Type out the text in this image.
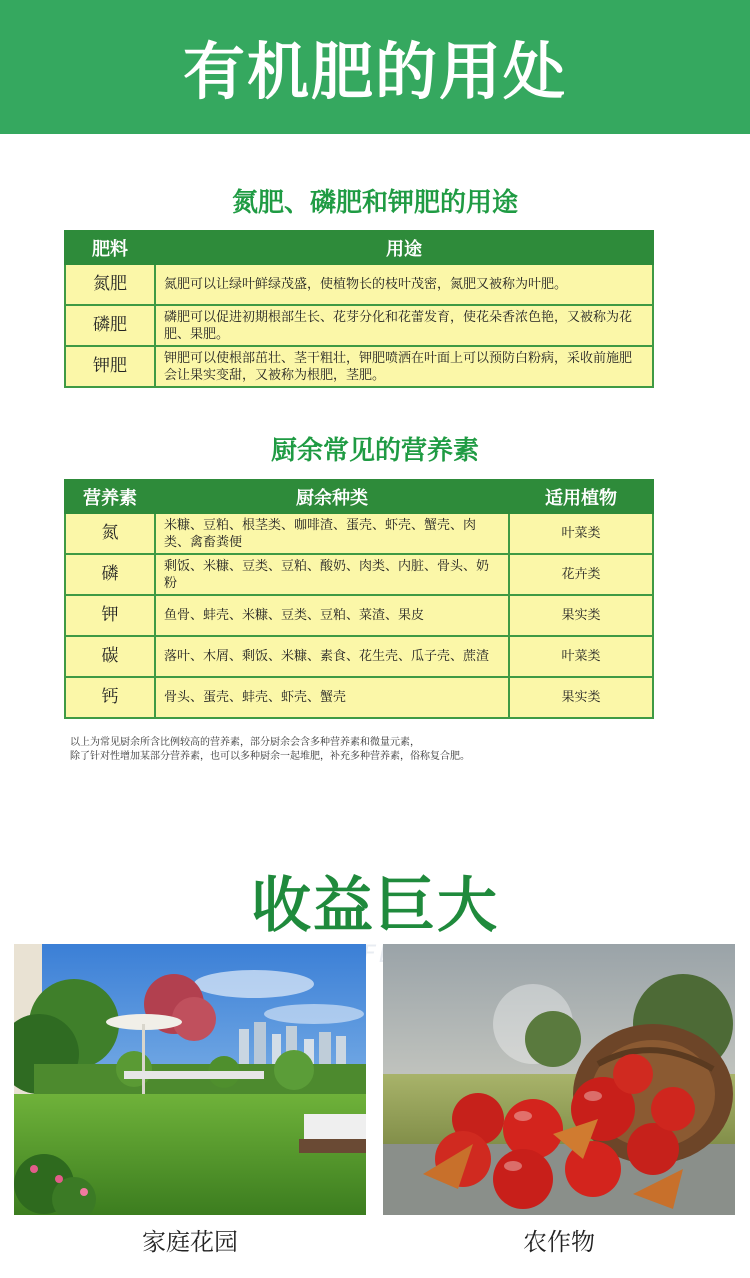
有机肥的用处
氮肥、磷肥和钾肥的用途
肥料	用途
氮肥	氮肥可以让绿叶鲜绿茂盛，使植物长的枝叶茂密，氮肥又被称为叶肥。
磷肥	磷肥可以促进初期根部生长、花芽分化和花蕾发育，使花朵香浓色艳，又被称为花肥、果肥。
钾肥	钾肥可以使根部茁壮、茎干粗壮，钾肥喷洒在叶面上可以预防白粉病，采收前施肥会让果实变甜，又被称为根肥，茎肥。
厨余常见的营养素
营养素	厨余种类	适用植物
氮	米糠、豆粕、根茎类、咖啡渣、蛋壳、虾壳、蟹壳、肉类、禽畜粪便	叶菜类
磷	剩饭、米糠、豆类、豆粕、酸奶、肉类、内脏、骨头、奶粉	花卉类
钾	鱼骨、蚌壳、米糠、豆类、豆粕、菜渣、果皮	果实类
碳	落叶、木屑、剩饭、米糠、素食、花生壳、瓜子壳、蔗渣	叶菜类
钙	骨头、蛋壳、蚌壳、虾壳、蟹壳	果实类
以上为常见厨余所含比例较高的营养素，部分厨余会含多种营养素和微量元素，
除了针对性增加某部分营养素，也可以多种厨余一起堆肥，补充多种营养素，俗称复合肥。
收益巨大
家庭花园	农作物
